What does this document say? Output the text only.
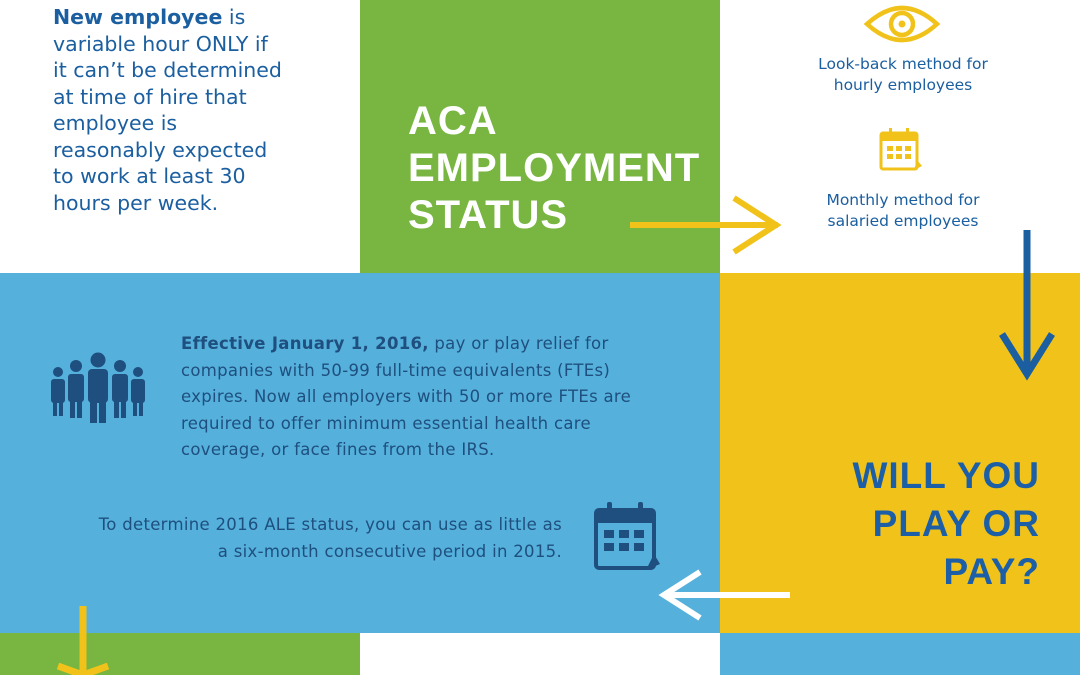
New employee is
variable hour ONLY if
it can’t be determined
at time of hire that
employee is
reasonably expected
to work at least 30
hours per week.

ACA
EMPLOYMENT
STATUS

Look-back method for
hourly employees

Monthly method for
salaried employees

Effective January 1, 2016, pay or play relief for
companies with 50-99 full-time equivalents (FTEs)
expires. Now all employers with 50 or more FTEs are
required to offer minimum essential health care
coverage, or face fines from the IRS.

To determine 2016 ALE status, you can use as little as
a six-month consecutive period in 2015.

WILL YOU
PLAY OR
PAY?
